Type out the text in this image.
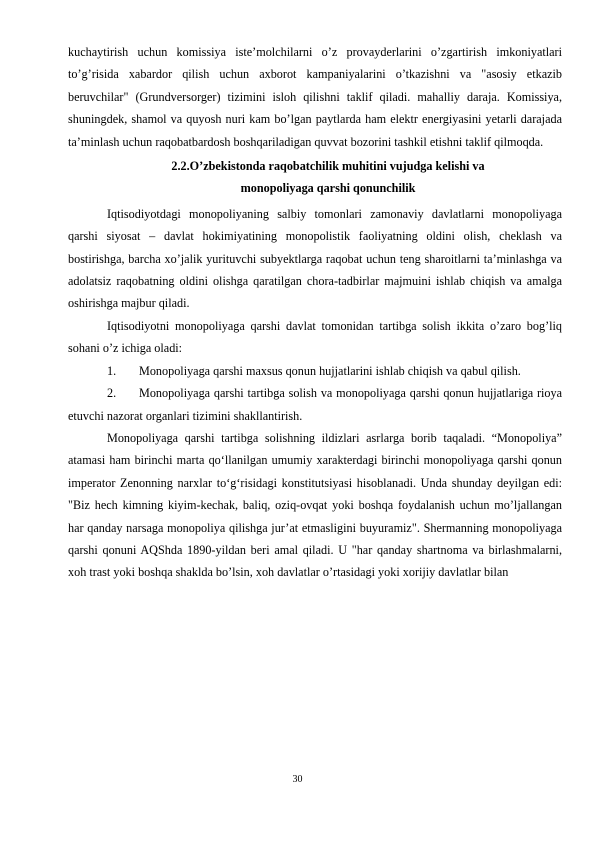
kuchaytirish uchun komissiya iste’molchilarni o’z provayderlarini o’zgartirish imkoniyatlari to’g’risida xabardor qilish uchun axborot kampaniyalarini o’tkazishni va "asosiy etkazib beruvchilar" (Grundversorger) tizimini isloh qilishni taklif qiladi. mahalliy daraja. Komissiya, shuningdek, shamol va quyosh nuri kam bo’lgan paytlarda ham elektr energiyasini yetarli darajada ta’minlash uchun raqobatbardosh boshqariladigan quvvat bozorini tashkil etishni taklif qilmoqda.

2.2.O’zbekistonda raqobatchilik muhitini vujudga kelishi va

monopoliyaga qarshi qonunchilik

Iqtisodiyotdagi monopoliyaning salbiy tomonlari zamonaviy davlatlarni monopoliyaga qarshi siyosat – davlat hokimiyatining monopolistik faoliyatning oldini olish, cheklash va bostirishga, barcha xo’jalik yurituvchi subyektlarga raqobat uchun teng sharoitlarni ta’minlashga va adolatsiz raqobatning oldini olishga qaratilgan chora-tadbirlar majmuini ishlab chiqish va amalga oshirishga majbur qiladi.

Iqtisodiyotni monopoliyaga qarshi davlat tomonidan tartibga solish ikkita o’zaro bog’liq sohani o’z ichiga oladi:

1. Monopoliyaga qarshi maxsus qonun hujjatlarini ishlab chiqish va qabul qilish.
2. Monopoliyaga qarshi tartibga solish va monopoliyaga qarshi qonun hujjatlariga rioya etuvchi nazorat organlari tizimini shakllantirish.

Monopoliyaga qarshi tartibga solishning ildizlari asrlarga borib taqaladi. “Monopoliya” atamasi ham birinchi marta qo‘llanilgan umumiy xarakterdagi birinchi monopoliyaga qarshi qonun imperator Zenonning narxlar to‘g‘risidagi konstitutsiyasi hisoblanadi. Unda shunday deyilgan edi: "Biz hech kimning kiyim-kechak, baliq, oziq-ovqat yoki boshqa foydalanish uchun mo’ljallangan har qanday narsaga monopoliya qilishga jur’at etmasligini buyuramiz". Shermanning monopoliyaga qarshi qonuni AQShda 1890-yildan beri amal qiladi. U "har qanday shartnoma va birlashmalarni, xoh trast yoki boshqa shaklda bo’lsin, xoh davlatlar o’rtasidagi yoki xorijiy davlatlar bilan

30
